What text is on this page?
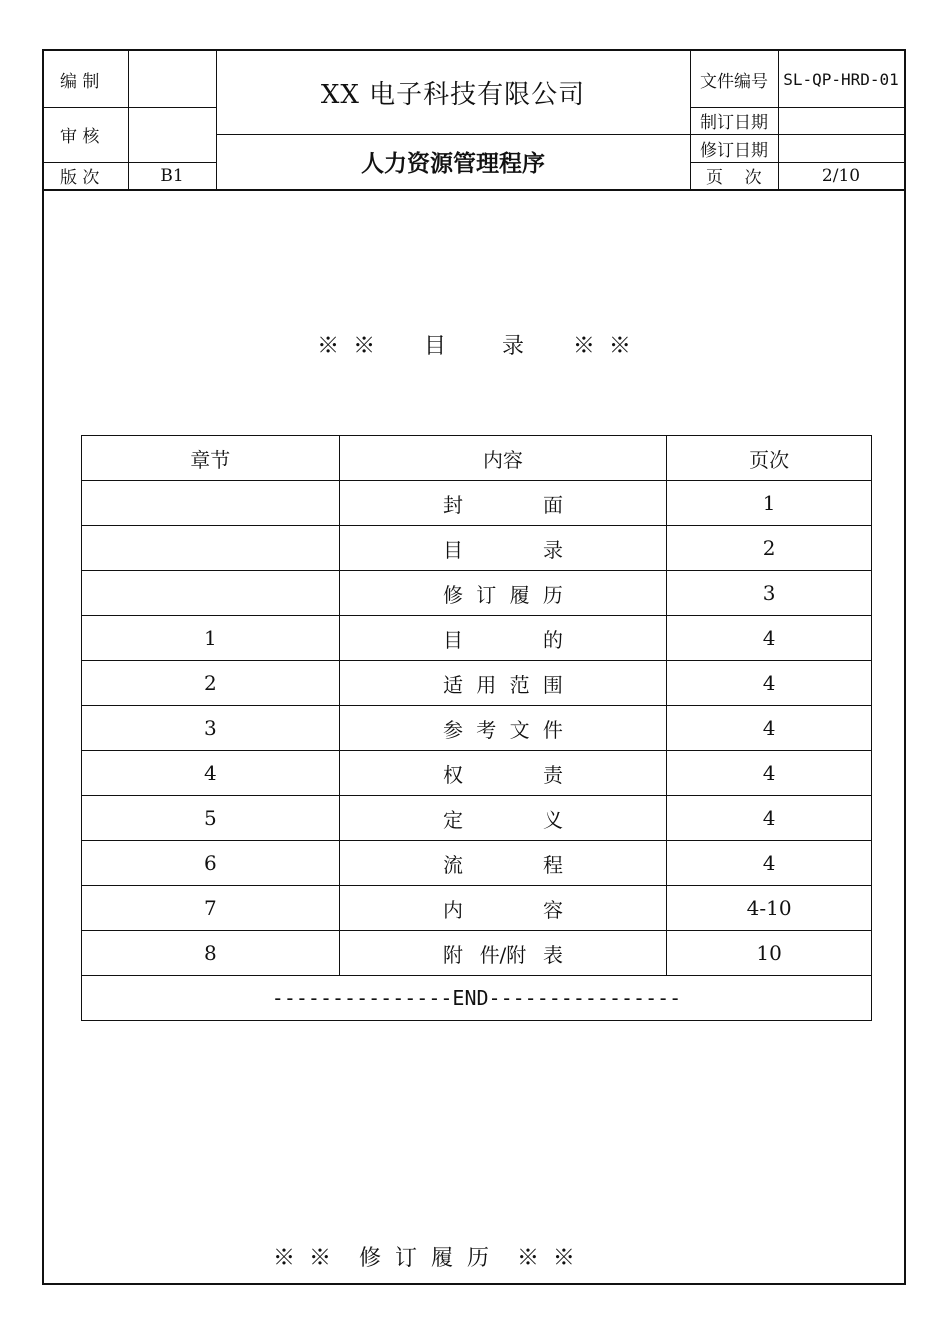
编 制
审 核
版 次	B1
XX 电子科技有限公司
人力资源管理程序
文件编号 SL-QP-HRD-01
制订日期
修订日期
页    次	2/10
※  ※       目        录       ※  ※
章节	内容	页次

	封 面	1

	目 录	2

	修 订 履 历	3
1	目 的	4
2	适 用 范 围	4
3	参 考 文 件	4
4	权 责	4
5	定 义	4
6	流 程	4
7	内 容	4-10
8	附 件/附 表	10
---------------END----------------		
※  ※    修  订  履  历    ※  ※
